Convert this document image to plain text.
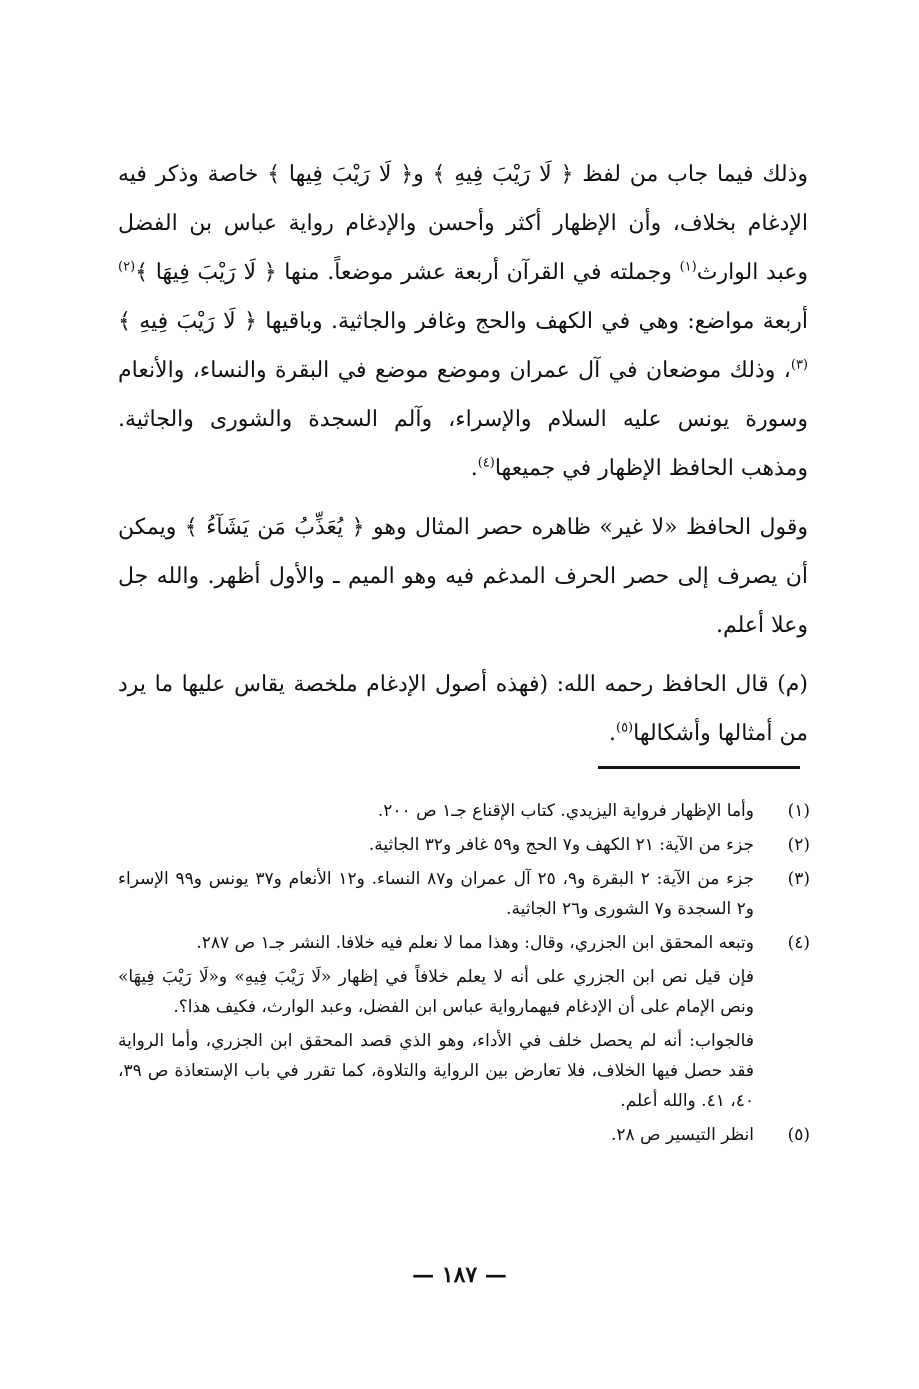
وذلك فيما جاب من لفظ ﴿ لَا رَيْبَ فِيهِ ﴾ و﴿ لَا رَيْبَ فِيها ﴾ خاصة وذكر فيه الإدغام بخلاف، وأن الإظهار أكثر وأحسن والإدغام رواية عباس بن الفضل وعبد الوارث$^{(١)}$ وجملته في القرآن أربعة عشر موضعاً. منها ﴿ لَا رَيْبَ فِيهَا ﴾$^{(٢)}$ أربعة مواضع: وهي في الكهف والحج وغافر والجاثية. وباقيها ﴿ لَا رَيْبَ فِيهِ ﴾$^{(٣)}$، وذلك موضعان في آل عمران وموضع موضع في البقرة والنساء، والأنعام وسورة يونس عليه السلام والإسراء، وآلم السجدة والشورى والجاثية. ومذهب الحافظ الإظهار في جميعها$^{(٤)}$.

وقول الحافظ «لا غير» ظاهره حصر المثال وهو ﴿ يُعَذِّبُ مَن يَشَآءُ ﴾ ويمكن أن يصرف إلى حصر الحرف المدغم فيه وهو الميم ـ والأول أظهر. والله جل وعلا أعلم.

(م) قال الحافظ رحمه الله: (فهذه أصول الإدغام ملخصة يقاس عليها ما يرد من أمثالها وأشكالها$^{(٥)}$.

(١)
وأما الإظهار فرواية اليزيدي. كتاب الإقناع جـ١ ص ٢٠٠.
(٢)
جزء من الآية: ٢١ الكهف و٧ الحج و٥٩ غافر و٣٢ الجاثية.
(٣)
جزء من الآية: ٢ البقرة و٩، ٢٥ آل عمران و٨٧ النساء. و١٢ الأنعام و٣٧ يونس و٩٩ الإسراء و٢ السجدة و٧ الشورى و٢٦ الجاثية.
(٤)
وتبعه المحقق ابن الجزري، وقال: وهذا مما لا نعلم فيه خلافا. النشر جـ١ ص ٢٨٧.
فإن قيل نص ابن الجزري على أنه لا يعلم خلافاً في إظهار «لَا رَيْبَ فِيهِ» و«لَا رَيْبَ فِيهَا» ونص الإمام على أن الإدغام فيهمارواية عباس ابن الفضل، وعبد الوارث، فكيف هذا؟.
فالجواب: أنه لم يحصل خلف في الأداء، وهو الذي قصد المحقق ابن الجزري، وأما الرواية فقد حصل فيها الخلاف، فلا تعارض بين الرواية والتلاوة، كما تقرر في باب الإستعاذة ص ٣٩، ٤٠، ٤١. والله أعلم.
(٥)
انظر التيسير ص ٢٨.
— ١٨٧ —
